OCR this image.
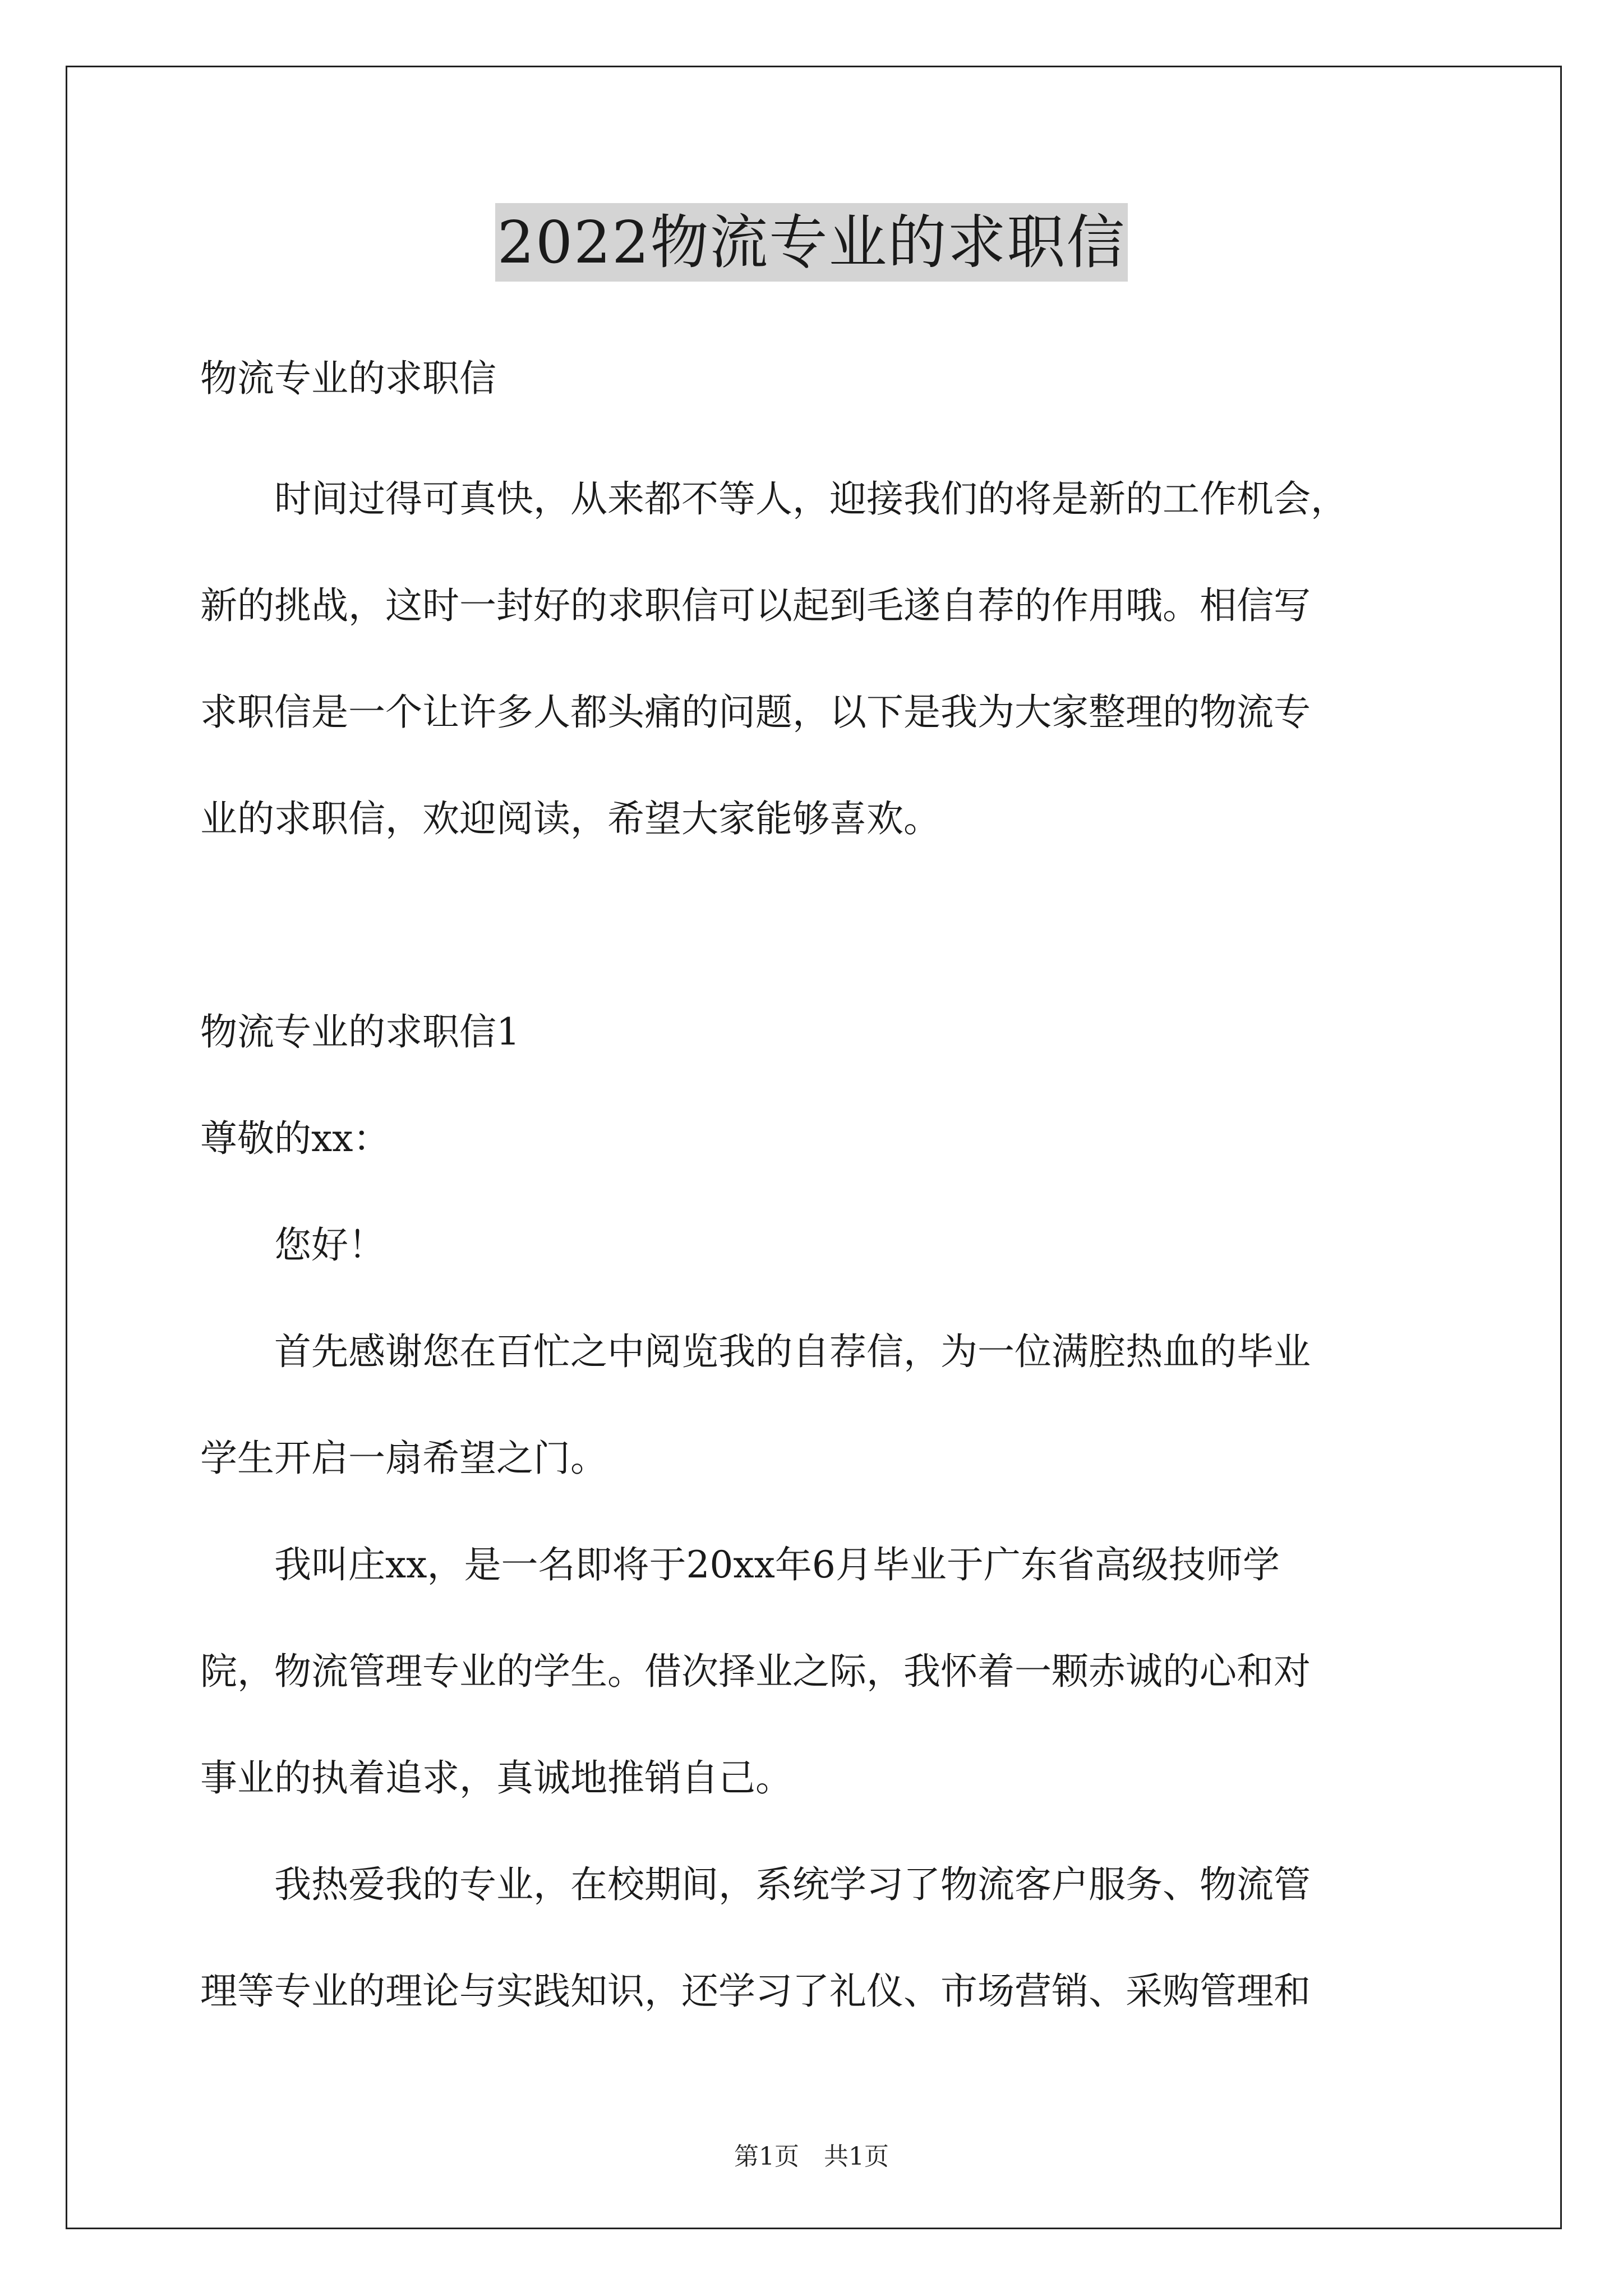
2022物流专业的求职信
物流专业的求职信
　　时间过得可真快，从来都不等人，迎接我们的将是新的工作机会，
新的挑战，这时一封好的求职信可以起到毛遂自荐的作用哦。相信写
求职信是一个让许多人都头痛的问题，以下是我为大家整理的物流专
业的求职信，欢迎阅读，希望大家能够喜欢。
物流专业的求职信1
尊敬的xx：
　　您好！
　　首先感谢您在百忙之中阅览我的自荐信，为一位满腔热血的毕业
学生开启一扇希望之门。
　　我叫庄xx，是一名即将于20xx年6月毕业于广东省高级技师学
院，物流管理专业的学生。借次择业之际，我怀着一颗赤诚的心和对
事业的执着追求，真诚地推销自己。
　　我热爱我的专业，在校期间，系统学习了物流客户服务、物流管
理等专业的理论与实践知识，还学习了礼仪、市场营销、采购管理和
第1页 共1页
